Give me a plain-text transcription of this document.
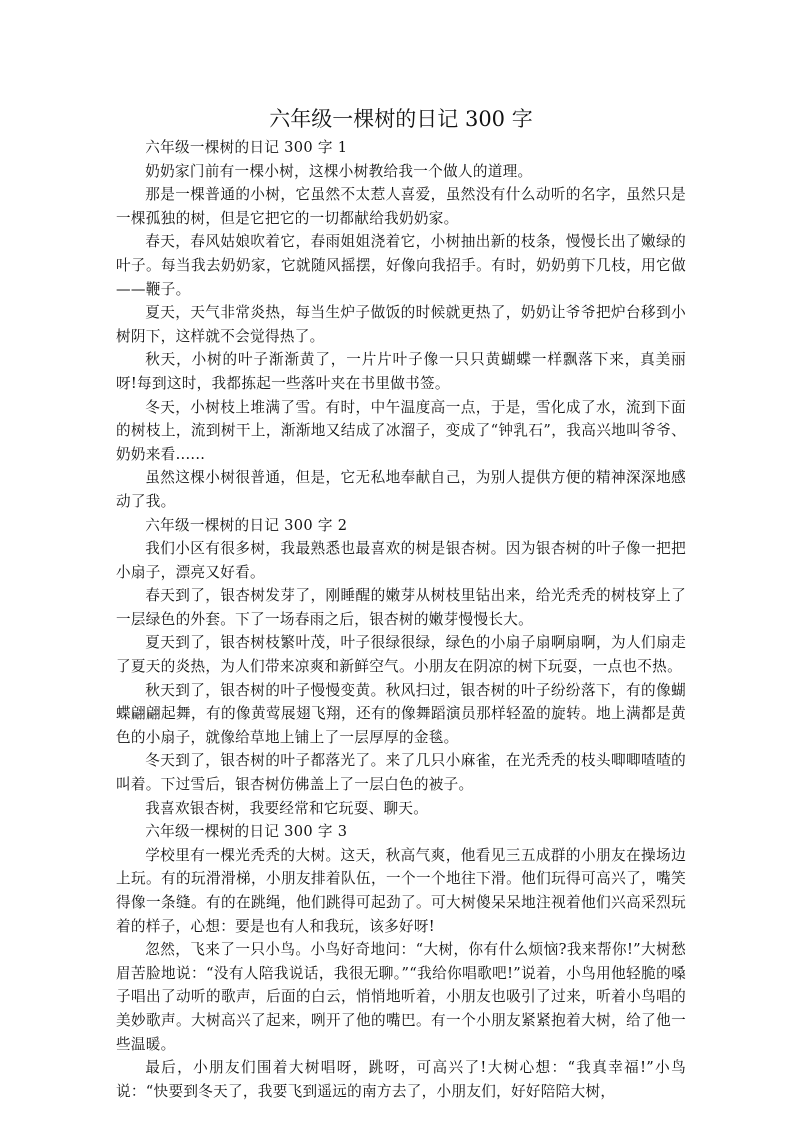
六年级一棵树的日记 300 字

六年级一棵树的日记 300 字 1

奶奶家门前有一棵小树，这棵小树教给我一个做人的道理。

那是一棵普通的小树，它虽然不太惹人喜爱，虽然没有什么动听的名字，虽然只是一棵孤独的树，但是它把它的一切都献给我奶奶家。

春天，春风姑娘吹着它，春雨姐姐浇着它，小树抽出新的枝条，慢慢长出了嫩绿的叶子。每当我去奶奶家，它就随风摇摆，好像向我招手。有时，奶奶剪下几枝，用它做——鞭子。

夏天，天气非常炎热，每当生炉子做饭的时候就更热了，奶奶让爷爷把炉台移到小树阴下，这样就不会觉得热了。

秋天，小树的叶子渐渐黄了，一片片叶子像一只只黄蝴蝶一样飘落下来，真美丽呀!每到这时，我都拣起一些落叶夹在书里做书签。

冬天，小树枝上堆满了雪。有时，中午温度高一点，于是，雪化成了水，流到下面的树枝上，流到树干上，渐渐地又结成了冰溜子，变成了“钟乳石”，我高兴地叫爷爷、奶奶来看......

虽然这棵小树很普通，但是，它无私地奉献自己，为别人提供方便的精神深深地感动了我。

六年级一棵树的日记 300 字 2

我们小区有很多树，我最熟悉也最喜欢的树是银杏树。因为银杏树的叶子像一把把小扇子，漂亮又好看。

春天到了，银杏树发芽了，刚睡醒的嫩芽从树枝里钻出来，给光秃秃的树枝穿上了一层绿色的外套。下了一场春雨之后，银杏树的嫩芽慢慢长大。

夏天到了，银杏树枝繁叶茂，叶子很绿很绿，绿色的小扇子扇啊扇啊，为人们扇走了夏天的炎热，为人们带来凉爽和新鲜空气。小朋友在阴凉的树下玩耍，一点也不热。

秋天到了，银杏树的叶子慢慢变黄。秋风扫过，银杏树的叶子纷纷落下，有的像蝴蝶翩翩起舞，有的像黄莺展翅飞翔，还有的像舞蹈演员那样轻盈的旋转。地上满都是黄色的小扇子，就像给草地上铺上了一层厚厚的金毯。

冬天到了，银杏树的叶子都落光了。来了几只小麻雀，在光秃秃的枝头唧唧喳喳的叫着。下过雪后，银杏树仿佛盖上了一层白色的被子。

我喜欢银杏树，我要经常和它玩耍、聊天。

六年级一棵树的日记 300 字 3

学校里有一棵光秃秃的大树。这天，秋高气爽，他看见三五成群的小朋友在操场边上玩。有的玩滑滑梯，小朋友排着队伍，一个一个地往下滑。他们玩得可高兴了，嘴笑得像一条缝。有的在跳绳，他们跳得可起劲了。可大树傻呆呆地注视着他们兴高采烈玩着的样子，心想：要是也有人和我玩，该多好呀!

忽然，飞来了一只小鸟。小鸟好奇地问：“大树，你有什么烦恼?我来帮你!”大树愁眉苦脸地说：“没有人陪我说话，我很无聊。”“我给你唱歌吧!”说着，小鸟用他轻脆的嗓子唱出了动听的歌声，后面的白云，悄悄地听着，小朋友也吸引了过来，听着小鸟唱的美妙歌声。大树高兴了起来，咧开了他的嘴巴。有一个小朋友紧紧抱着大树，给了他一些温暖。

最后，小朋友们围着大树唱呀，跳呀，可高兴了!大树心想：“我真幸福!”小鸟说：“快要到冬天了，我要飞到遥远的南方去了，小朋友们，好好陪陪大树，
